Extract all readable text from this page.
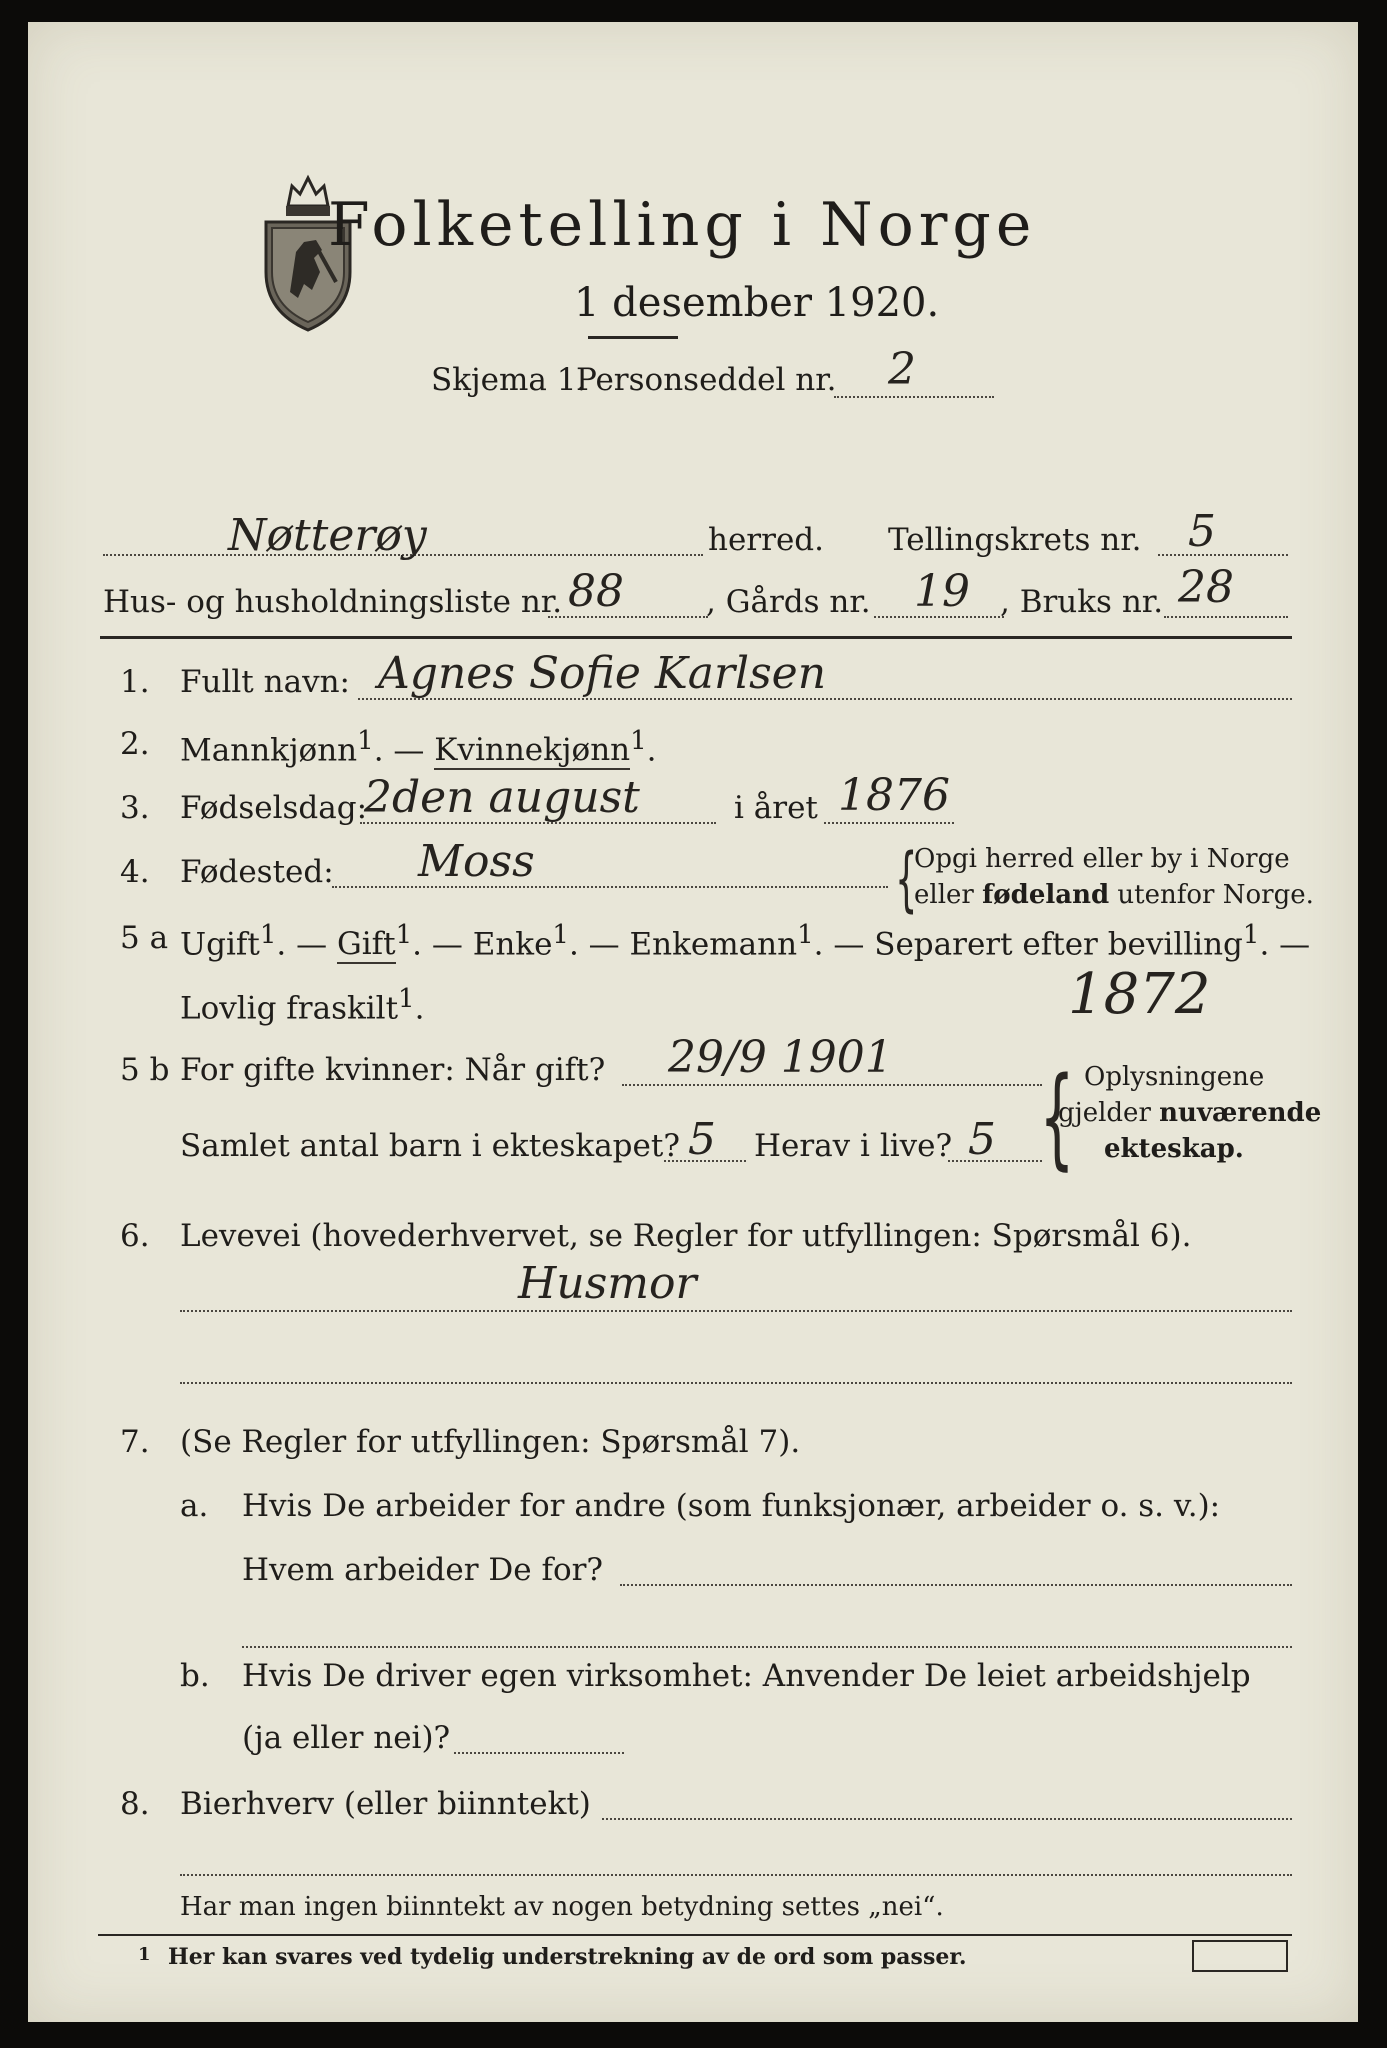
Folketelling i Norge
1 desember 1920.
Skjema 1.
Personseddel nr. 2
Nøtterøy	herred. Tellingskrets nr. 5
Hus- og husholdningsliste nr. 88	, Gårds nr. 19 , Bruks nr. 28
1. Fullt navn: Agnes Sofie Karlsen
2. Mannkjønn$^1$. — Kvinnekjønn$^1$.
3. Fødselsdag:
2den august	i året 1876
4. Fødested: Moss	{
Opgi herred eller by i Norge
eller fødeland utenfor Norge.
5 a Ugift$^1$. — Gift$^1$. — Enke$^1$. — Enkemann$^1$. — Separert efter bevilling$^1$. —
Lovlig fraskilt$^1$.	1872
5 b For gifte kvinner: Når gift? 29/9 1901
Samlet antal barn i ekteskapet? 5 Herav i live? 5 { Oplysningene
gjelder nuværende
ekteskap.
6. Levevei (hovederhvervet, se Regler for utfyllingen: Spørsmål 6).
Husmor
7. (Se Regler for utfyllingen: Spørsmål 7).
a. Hvis De arbeider for andre (som funksjonær, arbeider o. s. v.):
Hvem arbeider De for?
b. Hvis De driver egen virksomhet: Anvender De leiet arbeidshjelp
(ja eller nei)?
8. Bierhverv (eller biinntekt)
Har man ingen biinntekt av nogen betydning settes „nei“.
1 Her kan svares ved tydelig understrekning av de ord som passer.
